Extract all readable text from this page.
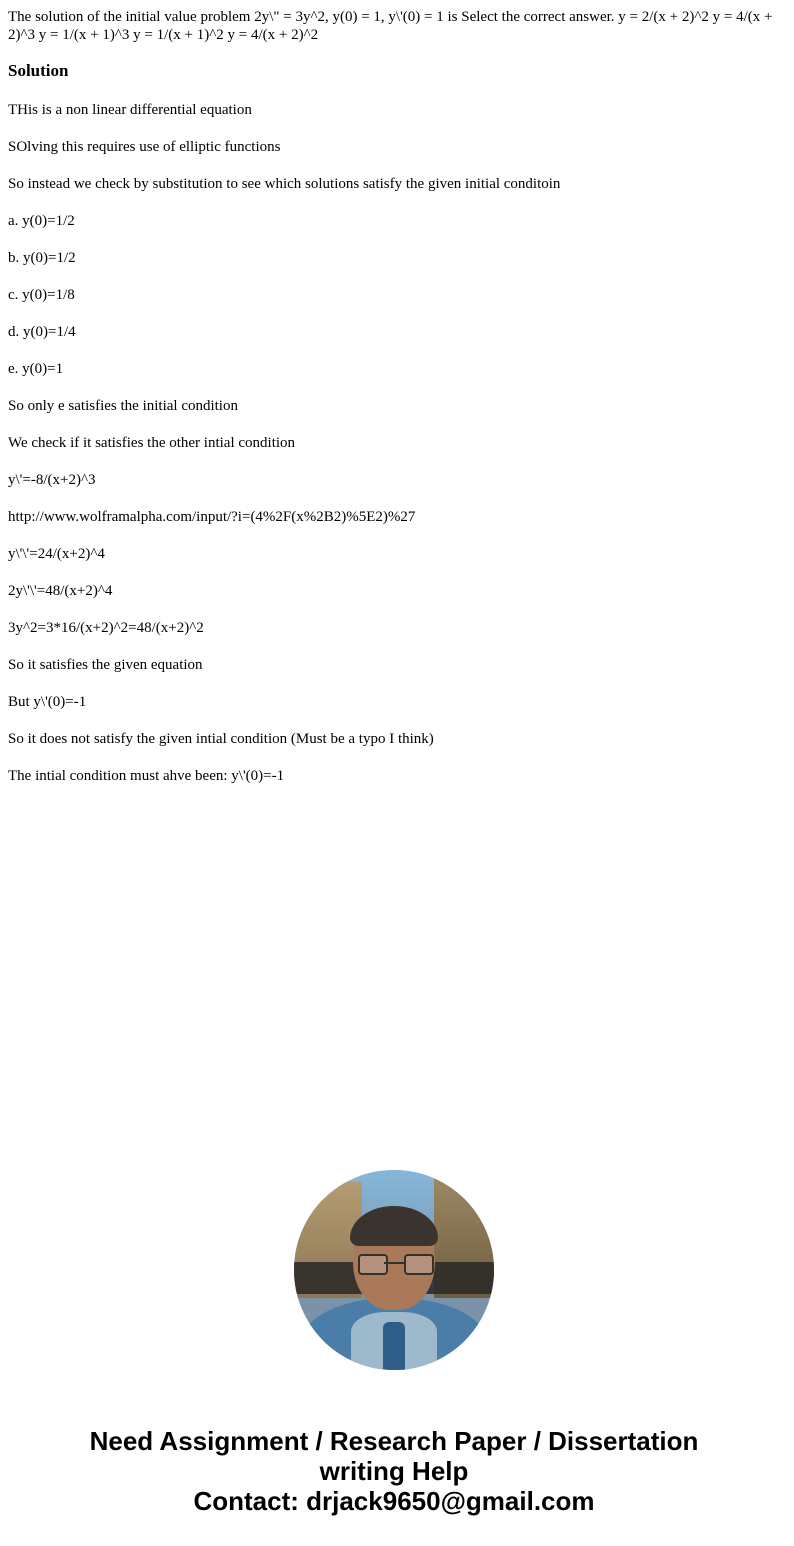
The solution of the initial value problem 2y\" = 3y^2, y(0) = 1, y\'(0) = 1 is Select the correct answer. y = 2/(x + 2)^2 y = 4/(x + 2)^3 y = 1/(x + 1)^3 y = 1/(x + 1)^2 y = 4/(x + 2)^2

Solution

THis is a non linear differential equation

SOlving this requires use of elliptic functions

So instead we check by substitution to see which solutions satisfy the given initial conditoin

a. y(0)=1/2

b. y(0)=1/2

c. y(0)=1/8

d. y(0)=1/4

e. y(0)=1

So only e satisfies the initial condition

We check if it satisfies the other intial condition

y\'=-8/(x+2)^3

http://www.wolframalpha.com/input/?i=(4%2F(x%2B2)%5E2)%27

y\'\'=24/(x+2)^4

2y\'\'=48/(x+2)^4

3y^2=3*16/(x+2)^2=48/(x+2)^2

So it satisfies the given equation

But y\'(0)=-1

So it does not satisfy the given intial condition (Must be a typo I think)

The intial condition must ahve been: y\'(0)=-1

Need Assignment / Research Paper / Dissertation
writing Help
Contact: drjack9650@gmail.com
